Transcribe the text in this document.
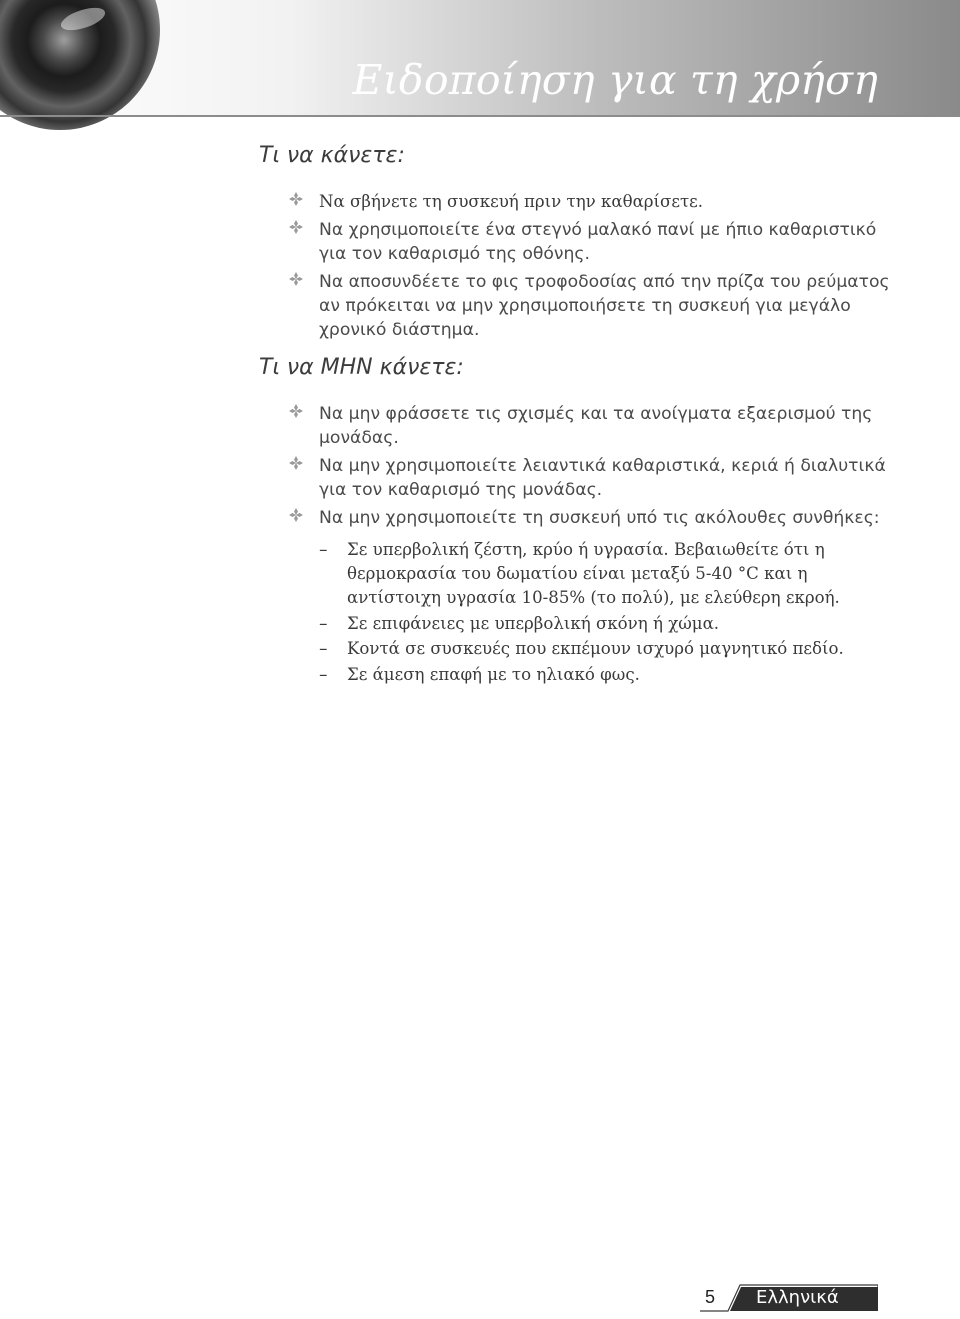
Ειδοποίηση για τη χρήση
Τι να κάνετε:
Να σβήνετε τη συσκευή πριν την καθαρίσετε.
Να χρησιμοποιείτε ένα στεγνό μαλακό πανί με ήπιο καθαριστικό για τον καθαρισμό της οθόνης.
Να αποσυνδέετε το φις τροφοδοσίας από την πρίζα του ρεύματος αν πρόκειται να μην χρησιμοποιήσετε τη συσκευή για μεγάλο χρονικό διάστημα.
Τι να ΜΗΝ κάνετε:
Να μην φράσσετε τις σχισμές και τα ανοίγματα εξαερισμού της μονάδας.
Να μην χρησιμοποιείτε λειαντικά καθαριστικά, κεριά ή διαλυτικά για τον καθαρισμό της μονάδας.
Να μην χρησιμοποιείτε τη συσκευή υπό τις ακόλουθες συνθήκες:
– Σε υπερβολική ζέστη, κρύο ή υγρασία. Βεβαιωθείτε ότι η θερμοκρασία του δωματίου είναι μεταξύ 5-40 °C και η αντίστοιχη υγρασία 10-85% (το πολύ), με ελεύθερη εκροή.
– Σε επιφάνειες με υπερβολική σκόνη ή χώμα.
– Κοντά σε συσκευές που εκπέμουν ισχυρό μαγνητικό πεδίο.
– Σε άμεση επαφή με το ηλιακό φως.
5 Ελληνικά
